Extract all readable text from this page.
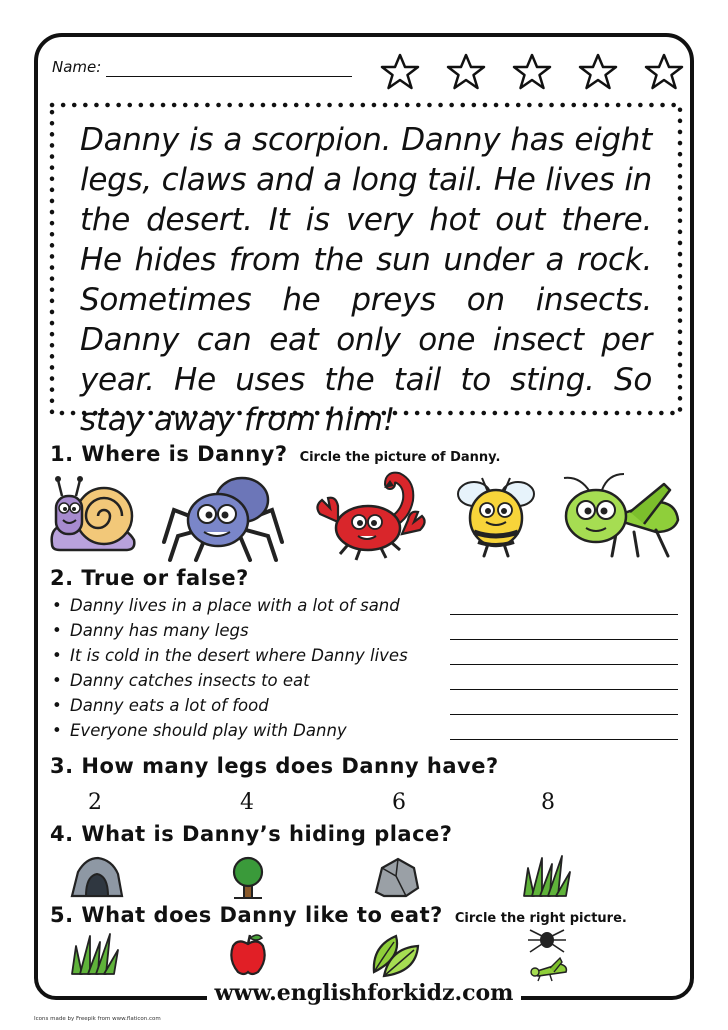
Name:

Danny is a scorpion. Danny has eight legs, claws and a long tail. He lives in the desert. It is very hot out there. He hides from the sun under a rock. Sometimes he preys on insects. Danny can eat only one insect per year. He uses the tail to sting. So stay away from him!

1. Where is Danny? Circle the picture of Danny.
2. True or false?
• Danny lives in a place with a lot of sand
• Danny has many legs
• It is cold in the desert where Danny lives
• Danny catches insects to eat
• Danny eats a lot of food
• Everyone should play with Danny
3. How many legs does Danny have?
2	4	6	8
4. What is Danny’s hiding place?
5. What does Danny like to eat? Circle the right picture.
www.englishforkidz.com
Icons made by Freepik from www.flaticon.com
